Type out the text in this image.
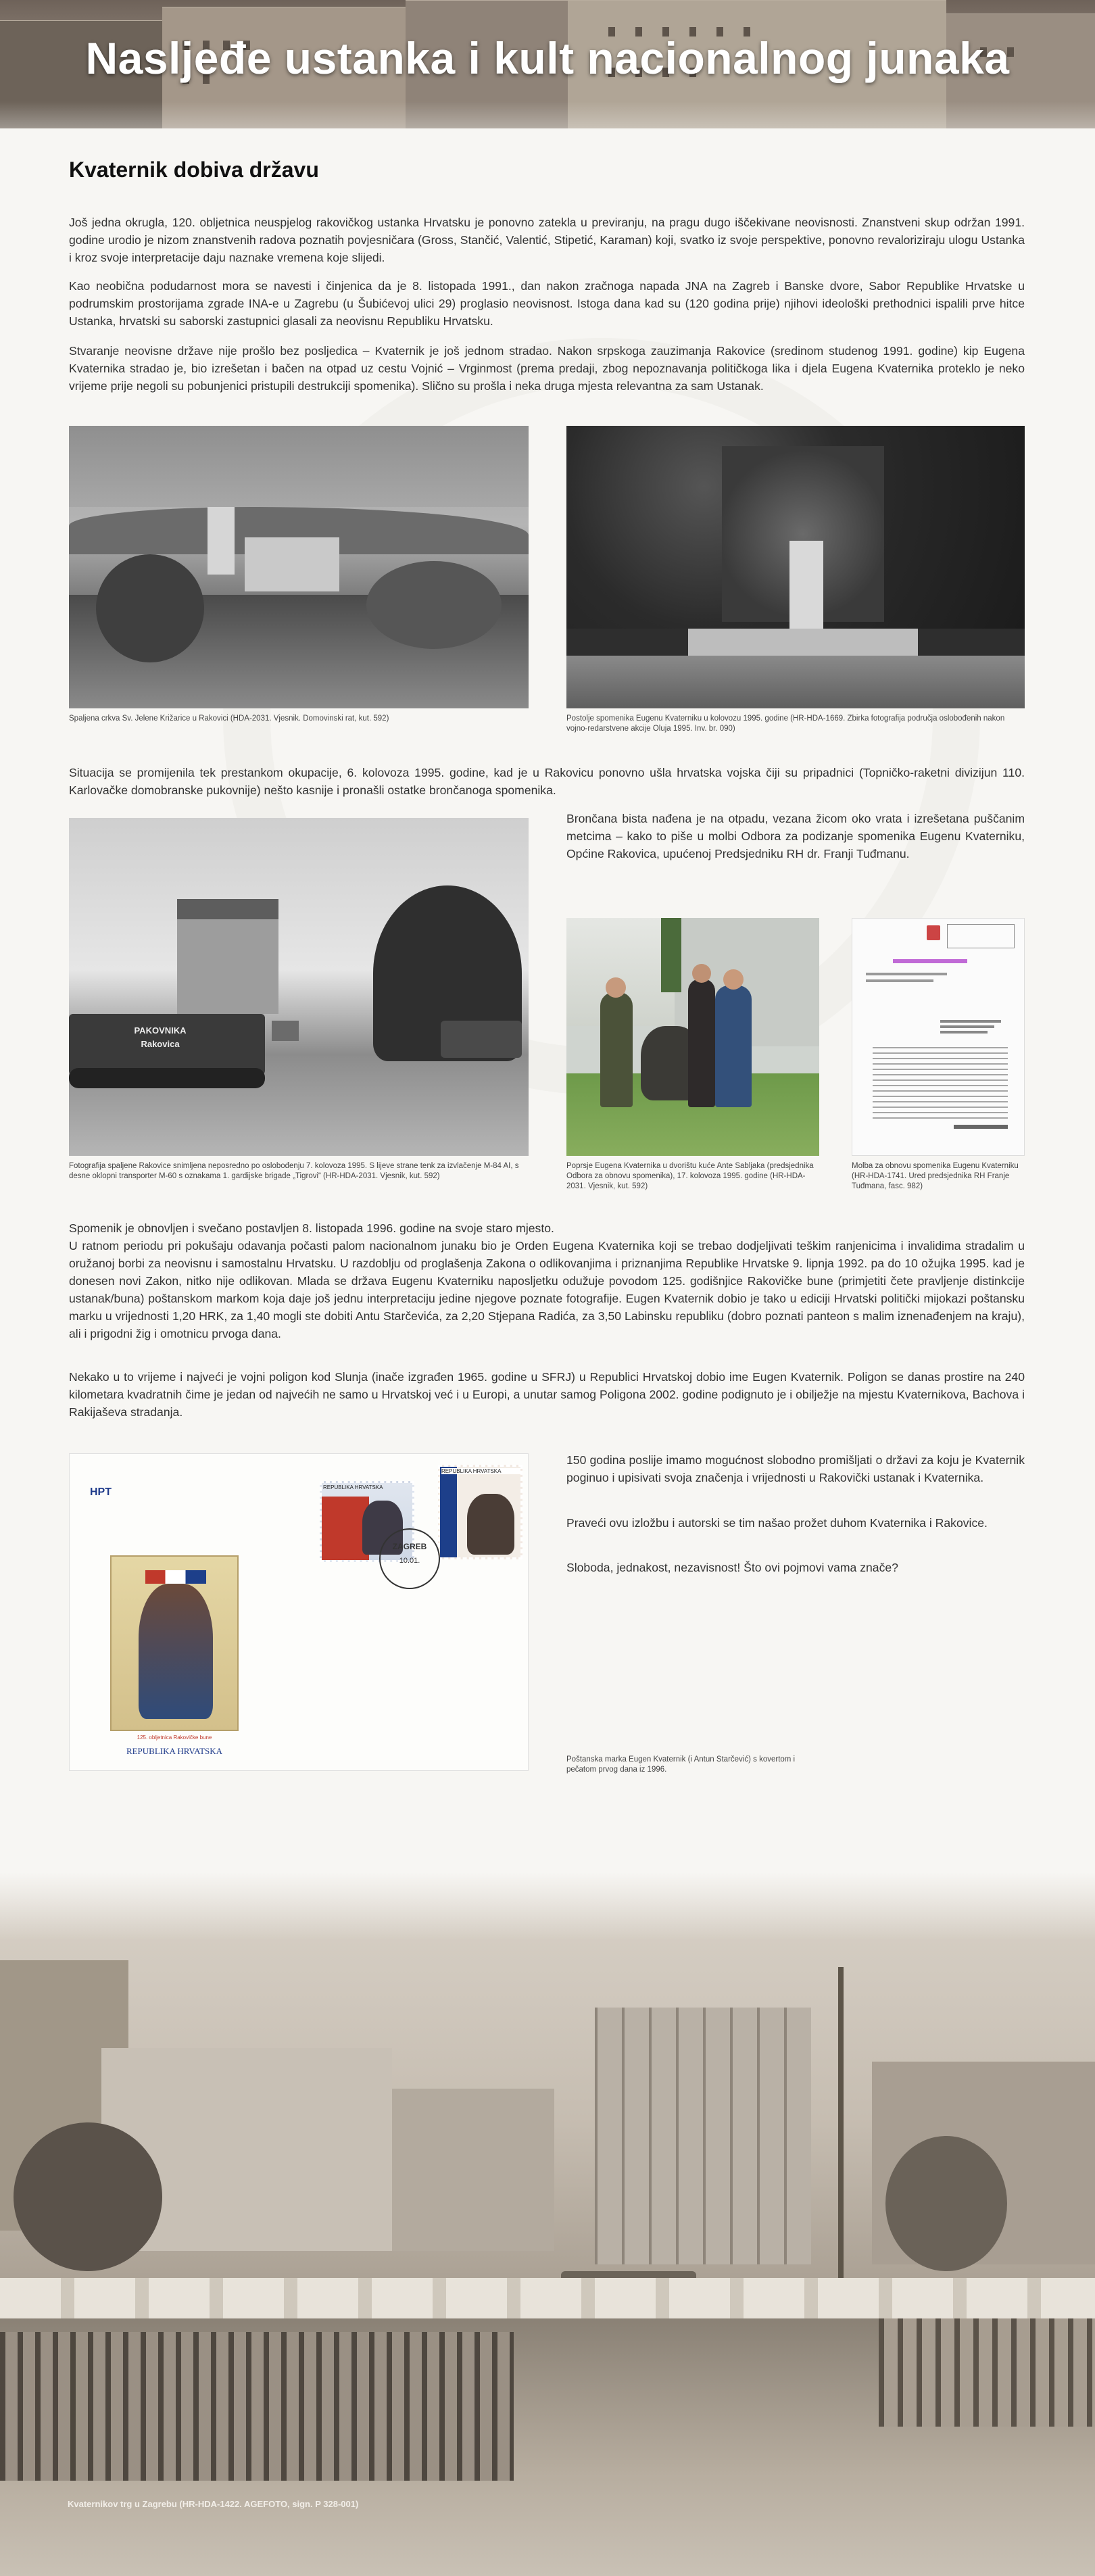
Nasljeđe ustanka i kult nacionalnog junaka
Kvaternik dobiva državu

Još jedna okrugla, 120. obljetnica neuspjelog rakovičkog ustanka Hrvatsku je ponovno zatekla u previranju, na pragu dugo iščekivane neovisnosti. Znanstveni skup održan 1991. godine urodio je nizom znanstvenih radova poznatih povjesničara (Gross, Stančić, Valentić, Stipetić, Karaman) koji, svatko iz svoje perspektive, ponovno revaloriziraju ulogu Ustanka i kroz svoje interpretacije daju naznake vremena koje slijedi.

Kao neobična podudarnost mora se navesti i činjenica da je 8. listopada 1991., dan nakon zračnoga napada JNA na Zagreb i Banske dvore, Sabor Republike Hrvatske u podrumskim prostorijama zgrade INA-e u Zagrebu (u Šubićevoj ulici 29) proglasio neovisnost. Istoga dana kad su (120 godina prije) njihovi ideološki prethodnici ispalili prve hitce Ustanka, hrvatski su saborski zastupnici glasali za neovisnu Republiku Hrvatsku.

Stvaranje neovisne države nije prošlo bez posljedica – Kvaternik je još jednom stradao. Nakon srpskoga zauzimanja Rakovice (sredinom studenog 1991. godine) kip Eugena Kvaternika stradao je, bio izrešetan i bačen na otpad uz cestu Vojnić – Vrginmost (prema predaji, zbog nepoznavanja političkoga lika i djela Eugena Kvaternika proteklo je neko vrijeme prije negoli su pobunjenici pristupili destrukciji spomenika). Slično su prošla i neka druga mjesta relevantna za sam Ustanak.

Spaljena crkva Sv. Jelene Križarice u Rakovici (HDA-2031. Vjesnik. Domovinski rat, kut. 592)	Postolje spomenika Eugenu Kvaterniku u kolovozu 1995. godine (HR-HDA-1669. Zbirka fotografija područja oslobođenih nakon vojno-redarstvene akcije Oluja 1995. Inv. br. 090)

Situacija se promijenila tek prestankom okupacije, 6. kolovoza 1995. godine, kad je u Rakovicu ponovno ušla hrvatska vojska čiji su pripadnici (Topničko-raketni divizijun 110. Karlovačke domobranske pukovnije) nešto kasnije i pronašli ostatke brončanoga spomenika.

PAKOVNIKA Rakovica
Fotografija spaljene Rakovice snimljena neposredno po oslobođenju 7. kolovoza 1995. S lijeve strane tenk za izvlačenje M-84 AI, s desne oklopni transporter M-60 s oznakama 1. gardijske brigade „Tigrovi“ (HR-HDA-2031. Vjesnik, kut. 592)

Brončana bista nađena je na otpadu, vezana žicom oko vrata i izrešetana puščanim metcima – kako to piše u molbi Odbora za podizanje spomenika Eugenu Kvaterniku, Općine Rakovica, upućenoj Predsjedniku RH dr. Franji Tuđmanu.

Poprsje Eugena Kvaternika u dvorištu kuće Ante Sabljaka (predsjednika Odbora za obnovu spomenika), 17. kolovoza 1995. godine (HR-HDA-2031. Vjesnik, kut. 592)
Molba za obnovu spomenika Eugenu Kvaterniku (HR-HDA-1741. Ured predsjednika RH Franje Tuđmana, fasc. 982)

Spomenik je obnovljen i svečano postavljen 8. listopada 1996. godine na svoje staro mjesto.
U ratnom periodu pri pokušaju odavanja počasti palom nacionalnom junaku bio je Orden Eugena Kvaternika koji se trebao dodjeljivati teškim ranjenicima i invalidima stradalim u oružanoj borbi za neovisnu i samostalnu Hrvatsku. U razdoblju od proglašenja Zakona o odlikovanjima i priznanjima Republike Hrvatske 9. lipnja 1992. pa do 10 ožujka 1995. kad je donesen novi Zakon, nitko nije odlikovan. Mlada se država Eugenu Kvaterniku naposljetku odužuje povodom 125. godišnjice Rakovičke bune (primjetiti čete pravljenje distinkcije ustanak/buna) poštanskom markom koja daje još jednu interpretaciju jedine njegove poznate fotografije. Eugen Kvaternik dobio je tako u ediciji Hrvatski politički mijokazi poštansku marku u vrijednosti 1,20 HRK, za 1,40 mogli ste dobiti Antu Starčevića, za 2,20 Stjepana Radića, za 3,50 Labinsku republiku (dobro poznati panteon s malim iznenađenjem na kraju), ali i prigodni žig i omotnicu prvoga dana.

Nekako u to vrijeme i najveći je vojni poligon kod Slunja (inače izgrađen 1965. godine u SFRJ) u Republici Hrvatskoj dobio ime Eugen Kvaternik. Poligon se danas prostire na 240 kilometara kvadratnih čime je jedan od najvećih ne samo u Hrvatskoj već i u Europi, a unutar samog Poligona 2002. godine podignuto je i obilježje na mjestu Kvaternikova, Bachova i Rakijaševa stradanja.

HPT	REPUBLIKA HRVATSKA
REPUBLIKA HRVATSKA
ZAGREB
10.01.
125. obljetnica Rakovičke bune
REPUBLIKA HRVATSKA

150 godina poslije imamo mogućnost slobodno promišljati o državi za koju je Kvaternik poginuo i upisivati svoja značenja i vrijednosti u Rakovički ustanak i Kvaternika.

Praveći ovu izložbu i autorski se tim našao prožet duhom Kvaternika i Rakovice.

Sloboda, jednakost, nezavisnost! Što ovi pojmovi vama znače?

Poštanska marka Eugen Kvaternik (i Antun Starčević) s kovertom i pečatom prvog dana iz 1996.
Kvaternikov trg u Zagrebu (HR-HDA-1422. AGEFOTO, sign. P 328-001)
